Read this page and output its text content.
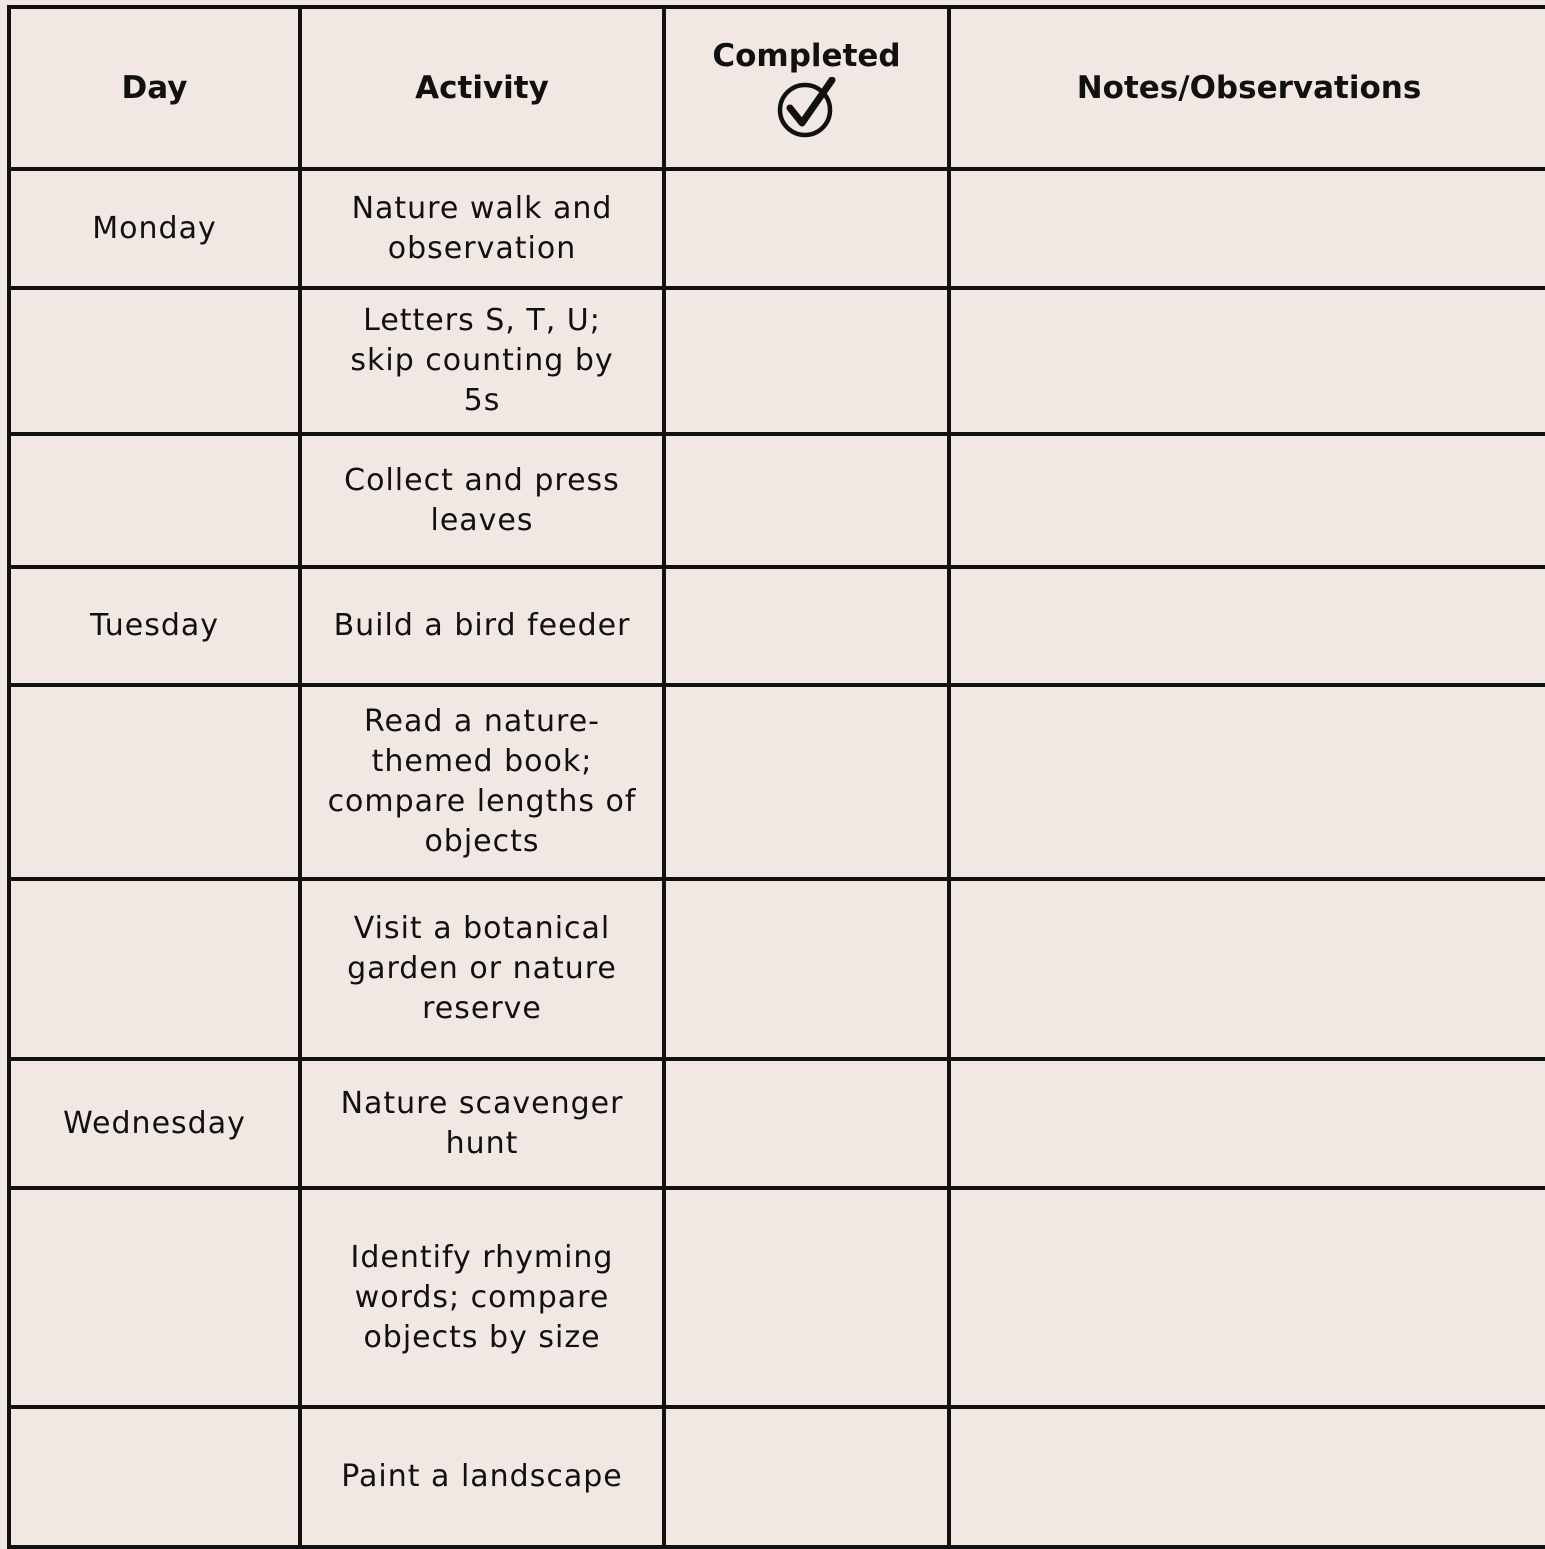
Day	Activity	Completed	Notes/Observations
Monday	Nature walk and observation		
	Letters S, T, U; skip counting by 5s		
	Collect and press leaves		
Tuesday	Build a bird feeder		
	Read a nature-themed book; compare lengths of objects		
	Visit a botanical garden or nature reserve		
Wednesday	Nature scavenger hunt		
	Identify rhyming words; compare objects by size		
	Paint a landscape		
